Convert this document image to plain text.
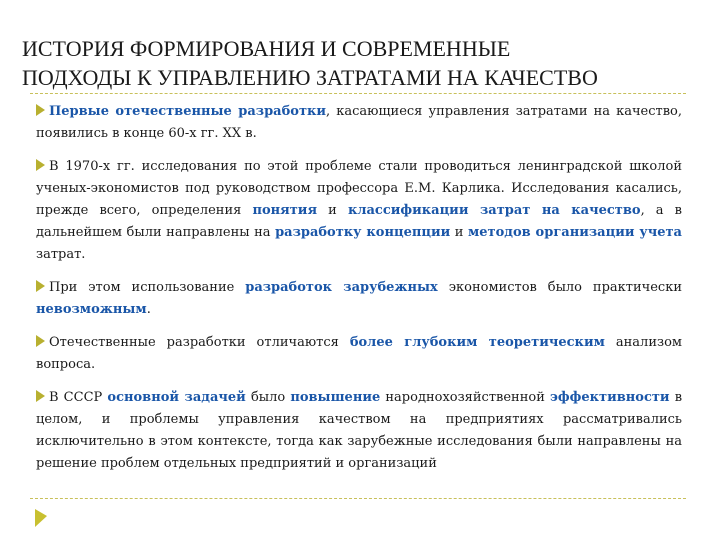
ИСТОРИЯ ФОРМИРОВАНИЯ И СОВРЕМЕННЫЕ
ПОДХОДЫ К УПРАВЛЕНИЮ ЗАТРАТАМИ НА КАЧЕСТВО

Первые отечественные разработки, касающиеся управления затратами на качество, появились в конце 60-х гг. XX в.

В 1970-х гг. исследования по этой проблеме стали проводиться ленинградской школой ученых-экономистов под руководством профессора Е.М. Карлика. Исследования касались, прежде всего, определения понятия и классификации затрат на качество, а в дальнейшем были направлены на разработку концепции и методов организации учета затрат.

При этом использование разработок зарубежных экономистов было практически невозможным.

Отечественные разработки отличаются более глубоким теоретическим анализом вопроса.

В СССР основной задачей было повышение народнохозяйственной эффективности в целом, и проблемы управления качеством на предприятиях рассматривались исключительно в этом контексте, тогда как зарубежные исследования были направлены на решение проблем отдельных предприятий и организаций
